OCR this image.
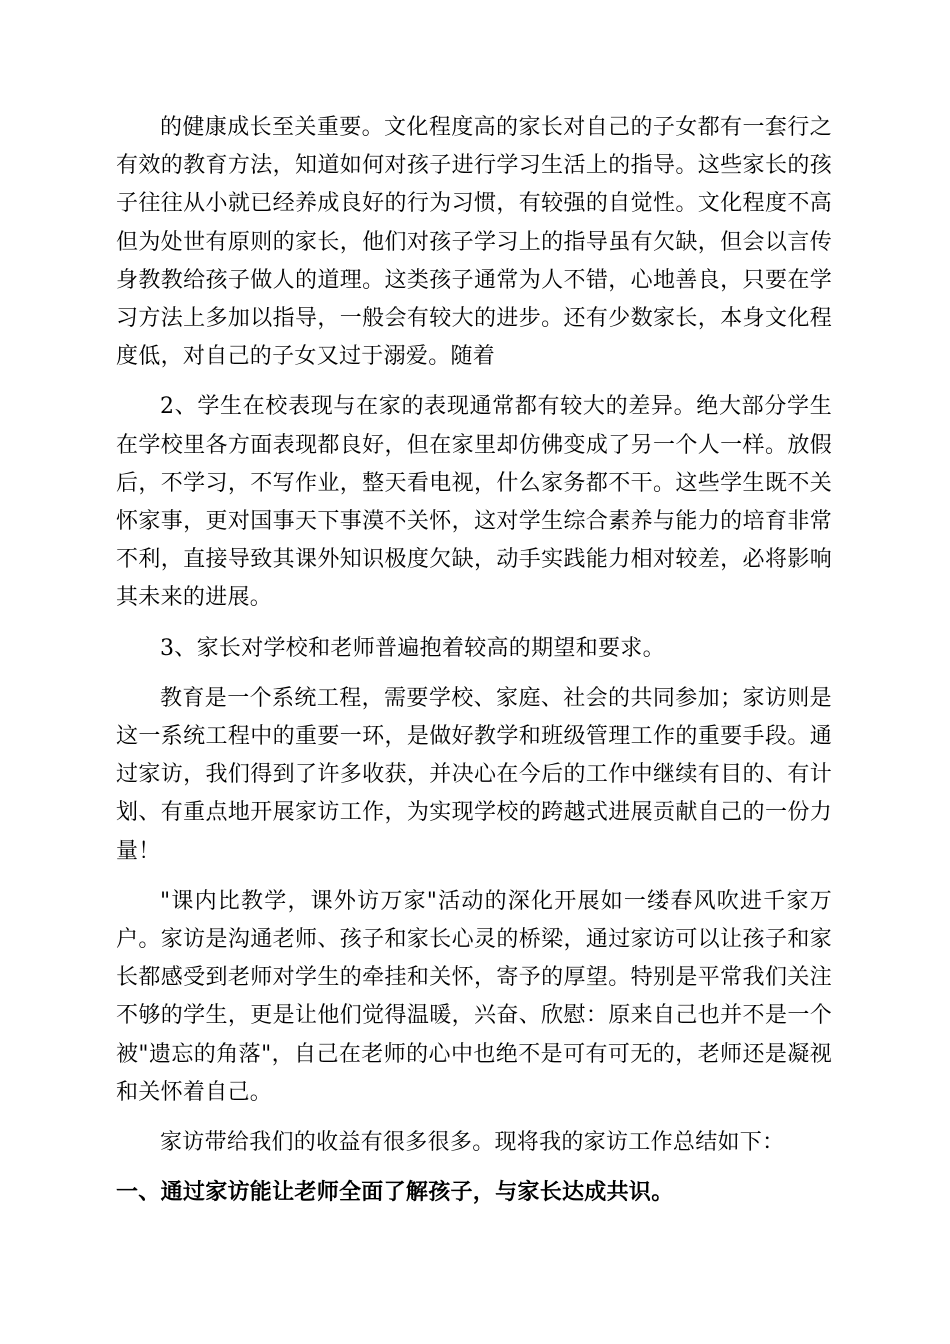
的健康成长至关重要。文化程度高的家长对自己的子女都有一套行之有效的教育方法，知道如何对孩子进行学习生活上的指导。这些家长的孩子往往从小就已经养成良好的行为习惯，有较强的自觉性。文化程度不高但为处世有原则的家长，他们对孩子学习上的指导虽有欠缺，但会以言传身教教给孩子做人的道理。这类孩子通常为人不错，心地善良，只要在学习方法上多加以指导，一般会有较大的进步。还有少数家长，本身文化程度低，对自己的子女又过于溺爱。随着

2、学生在校表现与在家的表现通常都有较大的差异。绝大部分学生在学校里各方面表现都良好，但在家里却仿佛变成了另一个人一样。放假后，不学习，不写作业，整天看电视，什么家务都不干。这些学生既不关怀家事，更对国事天下事漠不关怀，这对学生综合素养与能力的培育非常不利，直接导致其课外知识极度欠缺，动手实践能力相对较差，必将影响其未来的进展。

3、家长对学校和老师普遍抱着较高的期望和要求。

教育是一个系统工程，需要学校、家庭、社会的共同参加；家访则是这一系统工程中的重要一环，是做好教学和班级管理工作的重要手段。通过家访，我们得到了许多收获，并决心在今后的工作中继续有目的、有计划、有重点地开展家访工作，为实现学校的跨越式进展贡献自己的一份力量！

"课内比教学，课外访万家"活动的深化开展如一缕春风吹进千家万户。家访是沟通老师、孩子和家长心灵的桥梁，通过家访可以让孩子和家长都感受到老师对学生的牵挂和关怀，寄予的厚望。特别是平常我们关注不够的学生，更是让他们觉得温暖，兴奋、欣慰：原来自己也并不是一个被"遗忘的角落"，自己在老师的心中也绝不是可有可无的，老师还是凝视和关怀着自己。

家访带给我们的收益有很多很多。现将我的家访工作总结如下：

一、通过家访能让老师全面了解孩子，与家长达成共识。
